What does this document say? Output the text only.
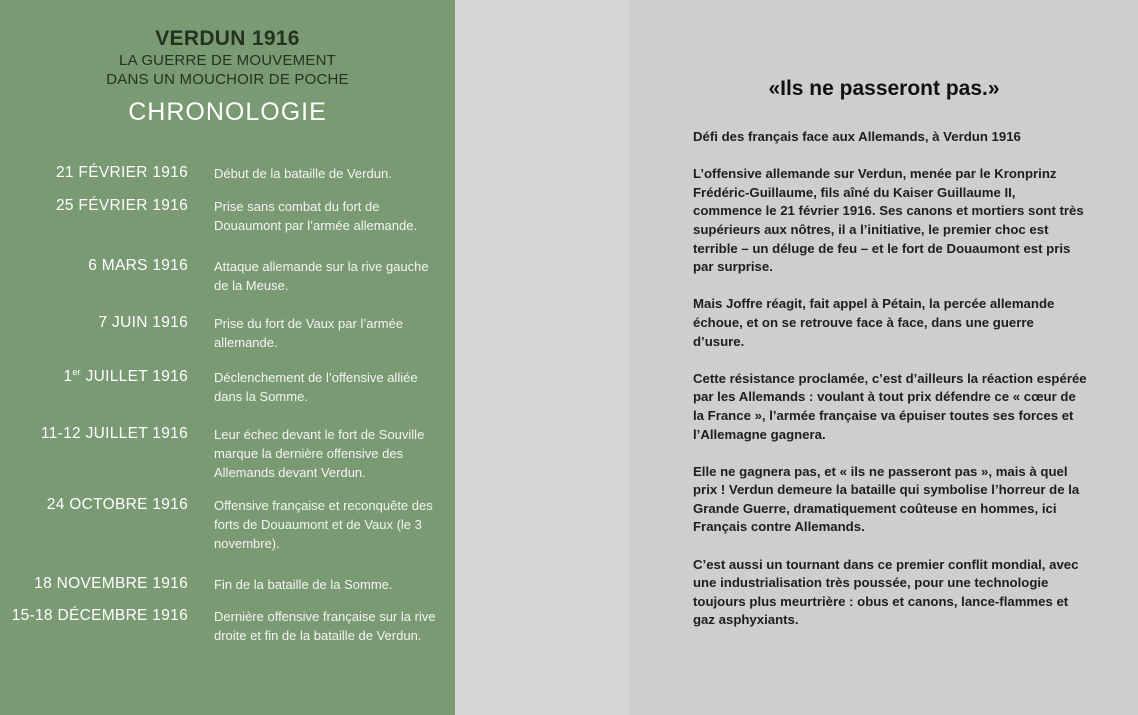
VERDUN 1916
LA GUERRE DE MOUVEMENT
DANS UN MOUCHOIR DE POCHE
CHRONOLOGIE
21 FÉVRIER 1916 Début de la bataille de Verdun.
25 FÉVRIER 1916 Prise sans combat du fort de Douaumont par l’armée allemande.
6 MARS 1916 Attaque allemande sur la rive gauche de la Meuse.
7 JUIN 1916 Prise du fort de Vaux par l’armée allemande.
1er JUILLET 1916 Déclenchement de l’offensive alliée dans la Somme.
11-12 JUILLET 1916 Leur échec devant le fort de Souville marque la dernière offensive des Allemands devant Verdun.
24 OCTOBRE 1916 Offensive française et reconquête des forts de Douaumont et de Vaux (le 3 novembre).
18 NOVEMBRE 1916 Fin de la bataille de la Somme.
15-18 DÉCEMBRE 1916 Dernière offensive française sur la rive droite et fin de la bataille de Verdun.
«Ils ne passeront pas.»

Défi des français face aux Allemands, à Verdun 1916

L’offensive allemande sur Verdun, menée par le Kronprinz Frédéric-Guillaume, fils aîné du Kaiser Guillaume II, commence le 21 février 1916. Ses canons et mortiers sont très supérieurs aux nôtres, il a l’initiative, le premier choc est terrible – un déluge de feu – et le fort de Douaumont est pris par surprise.

Mais Joffre réagit, fait appel à Pétain, la percée allemande échoue, et on se retrouve face à face, dans une guerre d’usure.

Cette résistance proclamée, c’est d’ailleurs la réaction espérée par les Allemands : voulant à tout prix défendre ce « cœur de la France », l’armée française va épuiser toutes ses forces et l’Allemagne gagnera.

Elle ne gagnera pas, et « ils ne passeront pas », mais à quel prix ! Verdun demeure la bataille qui symbolise l’horreur de la Grande Guerre, dramatiquement coûteuse en hommes, ici Français contre Allemands.

C’est aussi un tournant dans ce premier conflit mondial, avec une industrialisation très poussée, pour une technologie toujours plus meurtrière : obus et canons, lance-flammes et gaz asphyxiants.
